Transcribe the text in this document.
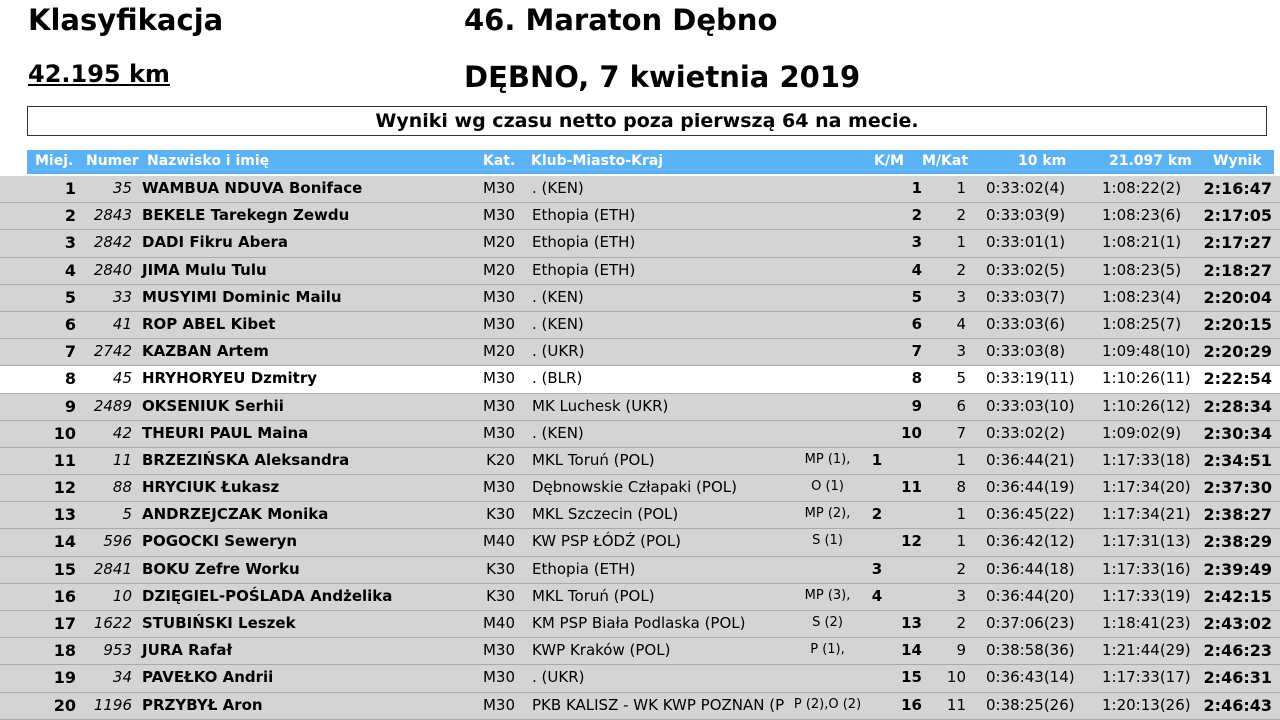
Klasyfikacja
42.195 km
46. Maraton Dębno
DĘBNO, 7 kwietnia 2019
Wyniki wg czasu netto poza pierwszą 64 na mecie.
Miej. Numer Nazwisko i imię	Kat. Klub-Miasto-Kraj	K/M M/Kat	10 km	21.097 km Wynik
1	35 WAMBUA NDUVA Boniface	M30 . (KEN)	1	1 0:33:02(4) 1:08:22(2)	2:16:47
2	2843 BEKELE Tarekegn Zewdu	M30 Ethopia (ETH)	2	2 0:33:03(9) 1:08:23(6)	2:17:05
3	2842 DADI Fikru Abera	M20 Ethopia (ETH)	3	1 0:33:01(1) 1:08:21(1)	2:17:27
4	2840 JIMA Mulu Tulu	M20 Ethopia (ETH)	4	2 0:33:02(5) 1:08:23(5)	2:18:27
5	33 MUSYIMI Dominic Mailu	M30 . (KEN)	5	3 0:33:03(7) 1:08:23(4)	2:20:04
6	41 ROP ABEL Kibet	M30 . (KEN)	6	4 0:33:03(6) 1:08:25(7)	2:20:15
7	2742 KAZBAN Artem	M20 . (UKR)	7	3 0:33:03(8) 1:09:48(10) 2:20:29
8	45 HRYHORYEU Dzmitry	M30 . (BLR)	8	5 0:33:19(11) 1:10:26(11) 2:22:54
9	2489 OKSENIUK Serhii	M30 MK Luchesk (UKR)	9	6 0:33:03(10) 1:10:26(12) 2:28:34
10	42 THEURI PAUL Maina	M30 . (KEN)	10	7 0:33:02(2) 1:09:02(9)	2:30:34
11	11 BRZEZIŃSKA Aleksandra	K20 MKL Toruń (POL)	MP (1),	1	1 0:36:44(21) 1:17:33(18) 2:34:51
12	88 HRYCIUK Łukasz	M30 Dębnowskie Człapaki (POL)	O (1)	11	8 0:36:44(19) 1:17:34(20) 2:37:30
13	5 ANDRZEJCZAK Monika	K30 MKL Szczecin (POL)	MP (2),	2	1 0:36:45(22) 1:17:34(21) 2:38:27
14	596 POGOCKI Seweryn	M40 KW PSP ŁÓDŹ (POL)	S (1)	12	1 0:36:42(12) 1:17:31(13) 2:38:29
15	2841 BOKU Zefre Worku	K30 Ethopia (ETH)	3	2 0:36:44(18) 1:17:33(16) 2:39:49
16	10 DZIĘGIEL-POŚLADA Andżelika	K30 MKL Toruń (POL)	MP (3),	4	3 0:36:44(20) 1:17:33(19) 2:42:15
17	1622 STUBIŃSKI Leszek	M40 KM PSP Biała Podlaska (POL)	S (2)	13	2 0:37:06(23) 1:18:41(23) 2:43:02
18	953 JURA Rafał	M30 KWP Kraków (POL)	P (1),	14	9 0:38:58(36) 1:21:44(29) 2:46:23
19	34 PAVEŁKO Andrii	M30 . (UKR)	15	10 0:36:43(14) 1:17:33(17) 2:46:31
20	1196 PRZYBYŁ Aron	M30 PKB KALISZ - WK KWP POZNAN (P P (2),O (2)	16	11 0:38:25(26) 1:20:13(26) 2:46:43
